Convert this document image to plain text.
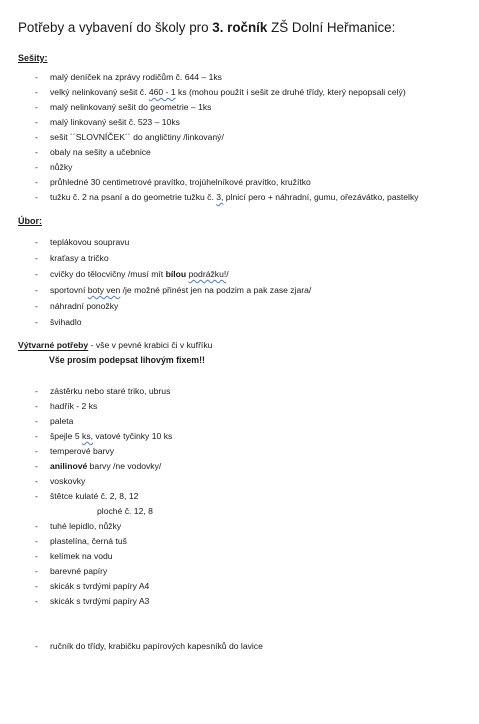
Potřeby a vybavení do školy pro 3. ročník ZŠ Dolní Heřmanice:
Sešity:
- malý deníček na zprávy rodičům č. 644 – 1ks
- velký nelinkovaný sešit č. 460 - 1 ks (mohou použít i sešit ze druhé třídy, který nepopsali celý)
- malý nelinkovaný sešit do geometrie – 1ks
- malý linkovaný sešit č. 523 – 10ks
- sešit ´´SLOVNÍČEK´´ do angličtiny /linkovaný/
- obaly na sešity a učebnice
- nůžky
- průhledné 30 centimetrové pravítko, trojúhelníkové pravítko, kružítko
- tužku č. 2 na psaní a do geometrie tužku č. 3, plnicí pero + náhradní, gumu, ořezávátko, pastelky
Úbor:
- teplákovou soupravu
- kraťasy a tričko
- cvičky do tělocvičny /musí mít bílou podrážku!/
- sportovní boty ven /je možné přinést jen na podzim a pak zase zjara/
- náhradní ponožky
- švihadlo
Výtvarné potřeby - vše v pevné krabici či v kufříku
Vše prosím podepsat lihovým fixem!!
- zástěrku nebo staré triko, ubrus
- hadřík - 2 ks
- paleta
- špejle 5 ks, vatové tyčinky 10 ks
- temperové barvy
- anilinové barvy /ne vodovky/
- voskovky
- štětce kulaté č. 2, 8, 12
ploché č. 12, 8
- tuhé lepidlo, nůžky
- plastelína, černá tuš
- kelímek na vodu
- barevné papíry
- skicák s tvrdými papíry A4
- skicák s tvrdými papíry A3
- ručník do třídy, krabičku papírových kapesníků do lavice
